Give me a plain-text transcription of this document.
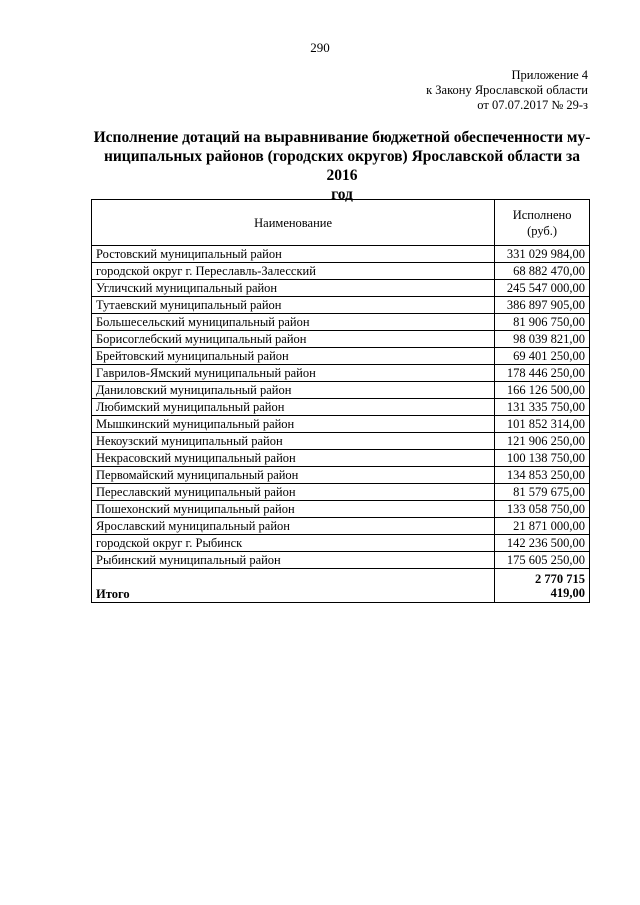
290
Приложение 4
к Закону Ярославской области
от 07.07.2017 № 29-з
Исполнение дотаций на выравнивание бюджетной обеспеченности му-
ниципальных районов (городских округов) Ярославской области за 2016
год
Наименование	Исполнено
(руб.)

Ростовский муниципальный район	331 029 984,00
городской округ г. Переславль-Залесский	68 882 470,00
Угличский муниципальный район	245 547 000,00
Тутаевский муниципальный район	386 897 905,00
Большесельский муниципальный район	81 906 750,00
Борисоглебский муниципальный район	98 039 821,00
Брейтовский муниципальный район	69 401 250,00
Гаврилов-Ямский муниципальный район	178 446 250,00
Даниловский муниципальный район	166 126 500,00
Любимский муниципальный район	131 335 750,00
Мышкинский муниципальный район	101 852 314,00
Некоузский муниципальный район	121 906 250,00
Некрасовский муниципальный район	100 138 750,00
Первомайский муниципальный район	134 853 250,00
Переславский муниципальный район	81 579 675,00
Пошехонский муниципальный район	133 058 750,00
Ярославский муниципальный район	21 871 000,00
городской округ г. Рыбинск	142 236 500,00
Рыбинский муниципальный район	175 605 250,00
Итого	2 770 715
419,00
